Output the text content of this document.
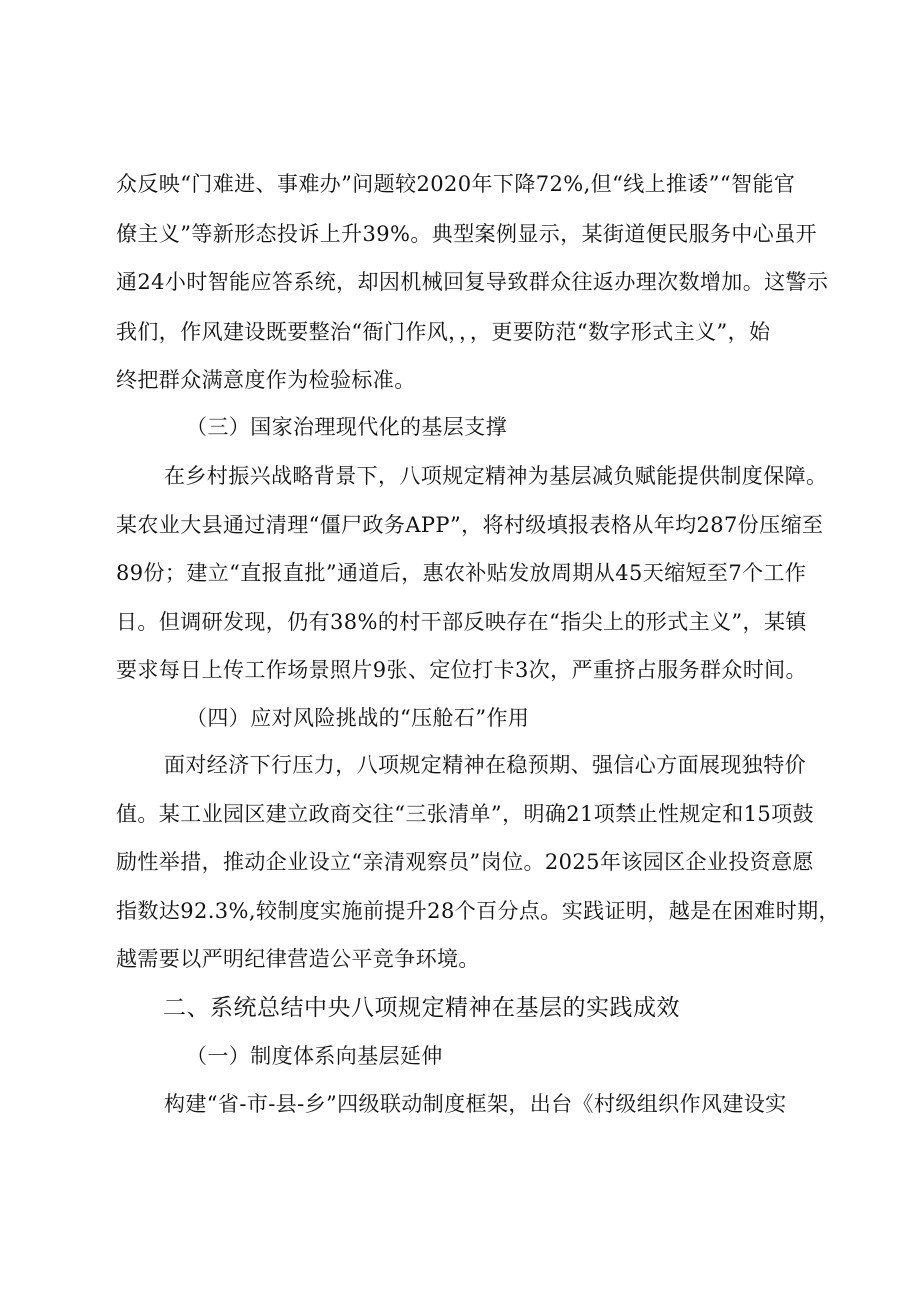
众反映“门难进、事难办”问题较2020年下降72%,但“线上推诿”“智能官
僚主义”等新形态投诉上升39%。典型案例显示，某街道便民服务中心虽开
通24小时智能应答系统，却因机械回复导致群众往返办理次数增加。这警示
我们，作风建设既要整治“衙门作风，，，更要防范“数字形式主义”，始
终把群众满意度作为检验标准。
（三）国家治理现代化的基层支撑
在乡村振兴战略背景下，八项规定精神为基层减负赋能提供制度保障。
某农业大县通过清理“僵尸政务APP”，将村级填报表格从年均287份压缩至
89份；建立“直报直批”通道后，惠农补贴发放周期从45天缩短至7个工作
日。但调研发现，仍有38%的村干部反映存在“指尖上的形式主义”，某镇
要求每日上传工作场景照片9张、定位打卡3次，严重挤占服务群众时间。
（四）应对风险挑战的“压舱石”作用
面对经济下行压力，八项规定精神在稳预期、强信心方面展现独特价
值。某工业园区建立政商交往“三张清单”，明确21项禁止性规定和15项鼓
励性举措，推动企业设立“亲清观察员”岗位。2025年该园区企业投资意愿
指数达92.3%,较制度实施前提升28个百分点。实践证明，越是在困难时期，
越需要以严明纪律营造公平竞争环境。
二、系统总结中央八项规定精神在基层的实践成效
（一）制度体系向基层延伸
构建“省-市-县-乡”四级联动制度框架，出台《村级组织作风建设实
